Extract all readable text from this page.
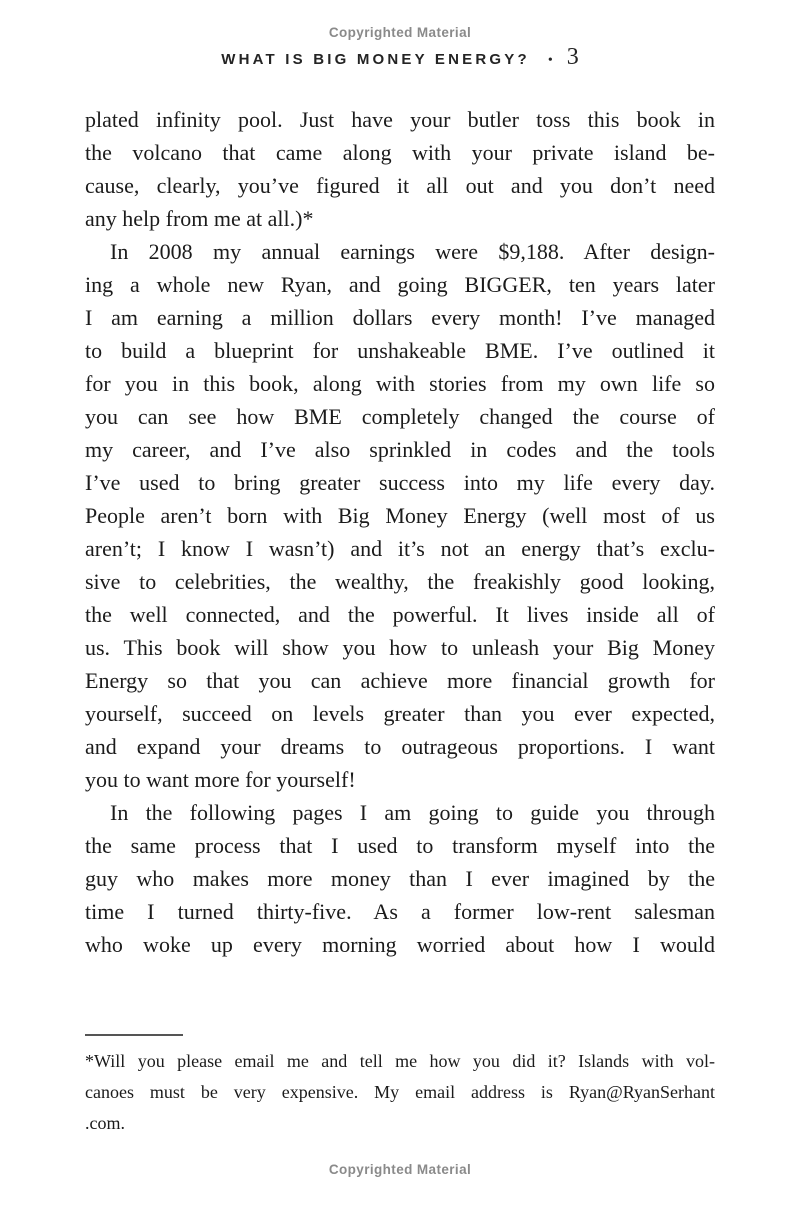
Copyrighted Material
WHAT IS BIG MONEY ENERGY? • 3
plated infinity pool. Just have your butler toss this book in
the volcano that came along with your private island be-
cause, clearly, you’ve figured it all out and you don’t need
any help from me at all.)*
In 2008 my annual earnings were $9,188. After design-
ing a whole new Ryan, and going BIGGER, ten years later
I am earning a million dollars every month! I’ve managed
to build a blueprint for unshakeable BME. I’ve outlined it
for you in this book, along with stories from my own life so
you can see how BME completely changed the course of
my career, and I’ve also sprinkled in codes and the tools
I’ve used to bring greater success into my life every day.
People aren’t born with Big Money Energy (well most of us
aren’t; I know I wasn’t) and it’s not an energy that’s exclu-
sive to celebrities, the wealthy, the freakishly good looking,
the well connected, and the powerful. It lives inside all of
us. This book will show you how to unleash your Big Money
Energy so that you can achieve more financial growth for
yourself, succeed on levels greater than you ever expected,
and expand your dreams to outrageous proportions. I want
you to want more for yourself!
In the following pages I am going to guide you through
the same process that I used to transform myself into the
guy who makes more money than I ever imagined by the
time I turned thirty-five. As a former low-rent salesman
who woke up every morning worried about how I would
*Will you please email me and tell me how you did it? Islands with vol-
canoes must be very expensive. My email address is Ryan@RyanSerhant
.com.
Copyrighted Material
